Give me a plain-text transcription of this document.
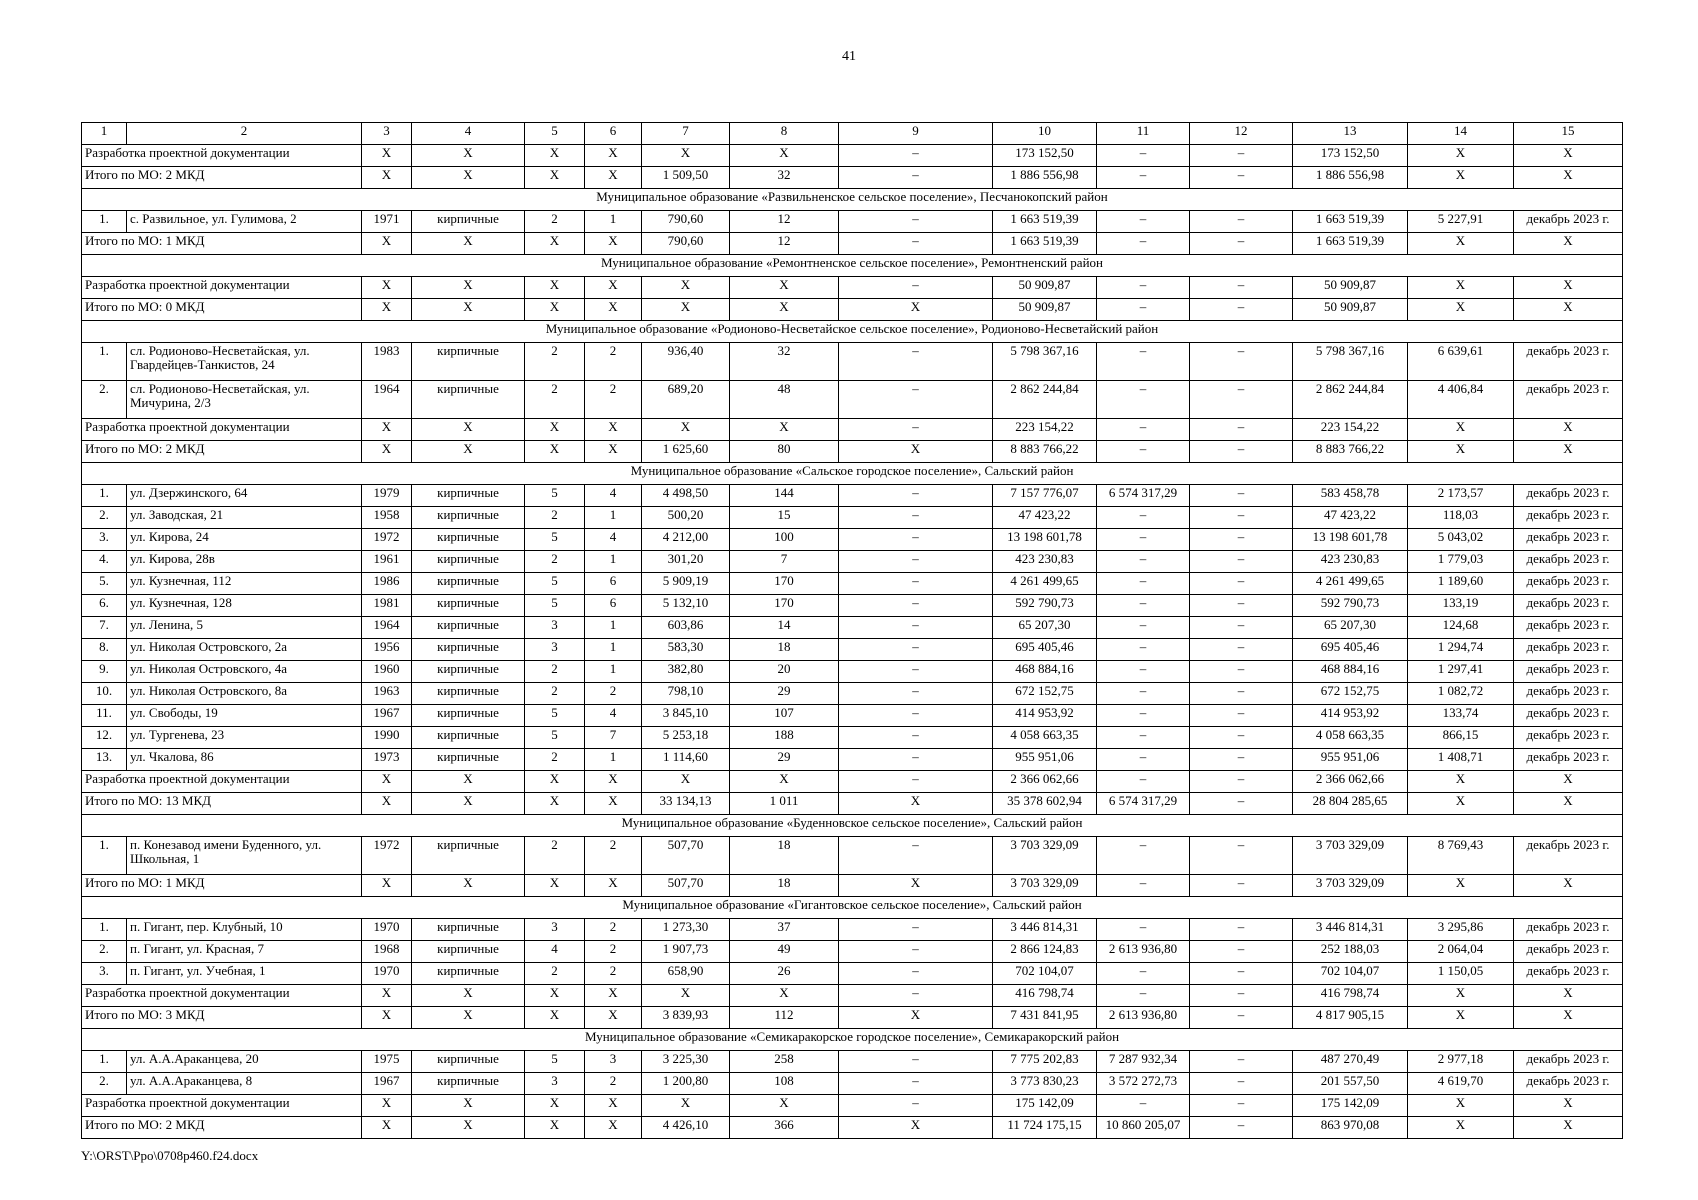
41
1	2	3	4	5	6	7	8	9	10	11	12	13	14	15
Разработка проектной документации		X	X	X	X	X	X	–	173 152,50	–	–	173 152,50	X	X
Итого по МО: 2 МКД		X	X	X	X	1 509,50	32	–	1 886 556,98	–	–	1 886 556,98	X	X
Муниципальное образование «Развильненское сельское поселение», Песчанокопский район														
1.	с. Развильное, ул. Гулимова, 2	1971	кирпичные	2	1	790,60	12	–	1 663 519,39	–	–	1 663 519,39	5 227,91	декабрь 2023 г.
Итого по МО: 1 МКД		X	X	X	X	790,60	12	–	1 663 519,39	–	–	1 663 519,39	X	X
Муниципальное образование «Ремонтненское сельское поселение», Ремонтненский район														
Разработка проектной документации		X	X	X	X	X	X	–	50 909,87	–	–	50 909,87	X	X
Итого по МО: 0 МКД		X	X	X	X	X	X	X	50 909,87	–	–	50 909,87	X	X
Муниципальное образование «Родионово-Несветайское сельское поселение», Родионово-Несветайский район														
1.	сл. Родионово-Несветайская, ул. Гвардейцев-Танкистов, 24	1983	кирпичные	2	2	936,40	32	–	5 798 367,16	–	–	5 798 367,16	6 639,61	декабрь 2023 г.
2.	сл. Родионово-Несветайская, ул. Мичурина, 2/3	1964	кирпичные	2	2	689,20	48	–	2 862 244,84	–	–	2 862 244,84	4 406,84	декабрь 2023 г.
Разработка проектной документации		X	X	X	X	X	X	–	223 154,22	–	–	223 154,22	X	X
Итого по МО: 2 МКД		X	X	X	X	1 625,60	80	X	8 883 766,22	–	–	8 883 766,22	X	X
Муниципальное образование «Сальское городское поселение», Сальский район														
1.	ул. Дзержинского, 64	1979	кирпичные	5	4	4 498,50	144	–	7 157 776,07	6 574 317,29	–	583 458,78	2 173,57	декабрь 2023 г.
2.	ул. Заводская, 21	1958	кирпичные	2	1	500,20	15	–	47 423,22	–	–	47 423,22	118,03	декабрь 2023 г.
3.	ул. Кирова, 24	1972	кирпичные	5	4	4 212,00	100	–	13 198 601,78	–	–	13 198 601,78	5 043,02	декабрь 2023 г.
4.	ул. Кирова, 28в	1961	кирпичные	2	1	301,20	7	–	423 230,83	–	–	423 230,83	1 779,03	декабрь 2023 г.
5.	ул. Кузнечная, 112	1986	кирпичные	5	6	5 909,19	170	–	4 261 499,65	–	–	4 261 499,65	1 189,60	декабрь 2023 г.
6.	ул. Кузнечная, 128	1981	кирпичные	5	6	5 132,10	170	–	592 790,73	–	–	592 790,73	133,19	декабрь 2023 г.
7.	ул. Ленина, 5	1964	кирпичные	3	1	603,86	14	–	65 207,30	–	–	65 207,30	124,68	декабрь 2023 г.
8.	ул. Николая Островского, 2а	1956	кирпичные	3	1	583,30	18	–	695 405,46	–	–	695 405,46	1 294,74	декабрь 2023 г.
9.	ул. Николая Островского, 4а	1960	кирпичные	2	1	382,80	20	–	468 884,16	–	–	468 884,16	1 297,41	декабрь 2023 г.
10.	ул. Николая Островского, 8а	1963	кирпичные	2	2	798,10	29	–	672 152,75	–	–	672 152,75	1 082,72	декабрь 2023 г.
11.	ул. Свободы, 19	1967	кирпичные	5	4	3 845,10	107	–	414 953,92	–	–	414 953,92	133,74	декабрь 2023 г.
12.	ул. Тургенева, 23	1990	кирпичные	5	7	5 253,18	188	–	4 058 663,35	–	–	4 058 663,35	866,15	декабрь 2023 г.
13.	ул. Чкалова, 86	1973	кирпичные	2	1	1 114,60	29	–	955 951,06	–	–	955 951,06	1 408,71	декабрь 2023 г.
Разработка проектной документации		X	X	X	X	X	X	–	2 366 062,66	–	–	2 366 062,66	X	X
Итого по МО: 13 МКД		X	X	X	X	33 134,13	1 011	X	35 378 602,94	6 574 317,29	–	28 804 285,65	X	X
Муниципальное образование «Буденновское сельское поселение», Сальский район														
1.	п. Конезавод имени Буденного, ул. Школьная, 1	1972	кирпичные	2	2	507,70	18	–	3 703 329,09	–	–	3 703 329,09	8 769,43	декабрь 2023 г.
Итого по МО: 1 МКД		X	X	X	X	507,70	18	X	3 703 329,09	–	–	3 703 329,09	X	X
Муниципальное образование «Гигантовское сельское поселение», Сальский район														
1.	п. Гигант, пер. Клубный, 10	1970	кирпичные	3	2	1 273,30	37	–	3 446 814,31	–	–	3 446 814,31	3 295,86	декабрь 2023 г.
2.	п. Гигант, ул. Красная, 7	1968	кирпичные	4	2	1 907,73	49	–	2 866 124,83	2 613 936,80	–	252 188,03	2 064,04	декабрь 2023 г.
3.	п. Гигант, ул. Учебная, 1	1970	кирпичные	2	2	658,90	26	–	702 104,07	–	–	702 104,07	1 150,05	декабрь 2023 г.
Разработка проектной документации		X	X	X	X	X	X	–	416 798,74	–	–	416 798,74	X	X
Итого по МО: 3 МКД		X	X	X	X	3 839,93	112	X	7 431 841,95	2 613 936,80	–	4 817 905,15	X	X
Муниципальное образование «Семикаракорское городское поселение», Семикаракорский район														
1.	ул. А.А.Араканцева, 20	1975	кирпичные	5	3	3 225,30	258	–	7 775 202,83	7 287 932,34	–	487 270,49	2 977,18	декабрь 2023 г.
2.	ул. А.А.Араканцева, 8	1967	кирпичные	3	2	1 200,80	108	–	3 773 830,23	3 572 272,73	–	201 557,50	4 619,70	декабрь 2023 г.
Разработка проектной документации		X	X	X	X	X	X	–	175 142,09	–	–	175 142,09	X	X
Итого по МО: 2 МКД		X	X	X	X	4 426,10	366	X	11 724 175,15	10 860 205,07	–	863 970,08	X	X
Y:\ORST\Ppo\0708p460.f24.docx
